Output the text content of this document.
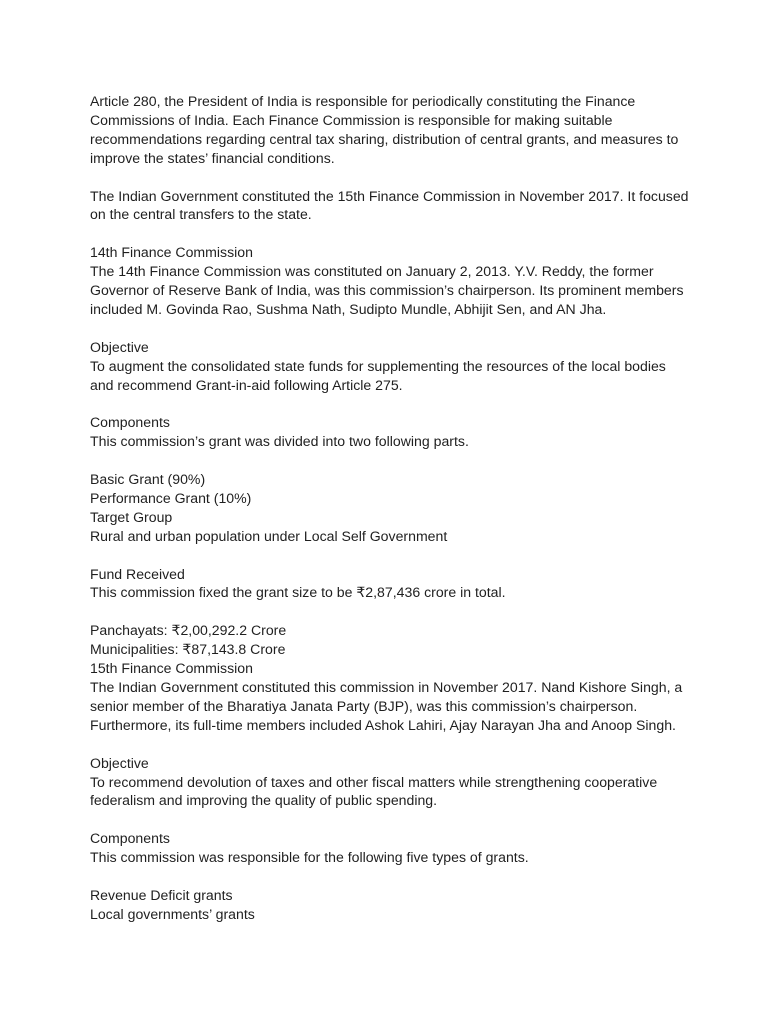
Article 280, the President of India is responsible for periodically constituting the Finance
Commissions of India. Each Finance Commission is responsible for making suitable
recommendations regarding central tax sharing, distribution of central grants, and measures to
improve the states’ financial conditions.
The Indian Government constituted the 15th Finance Commission in November 2017. It focused
on the central transfers to the state.
14th Finance Commission
The 14th Finance Commission was constituted on January 2, 2013. Y.V. Reddy, the former
Governor of Reserve Bank of India, was this commission’s chairperson. Its prominent members
included M. Govinda Rao, Sushma Nath, Sudipto Mundle, Abhijit Sen, and AN Jha.
Objective
To augment the consolidated state funds for supplementing the resources of the local bodies
and recommend Grant-in-aid following Article 275.
Components
This commission’s grant was divided into two following parts.
Basic Grant (90%)
Performance Grant (10%)
Target Group
Rural and urban population under Local Self Government
Fund Received
This commission fixed the grant size to be ₹2,87,436 crore in total.
Panchayats: ₹2,00,292.2 Crore
Municipalities: ₹87,143.8 Crore
15th Finance Commission
The Indian Government constituted this commission in November 2017. Nand Kishore Singh, a
senior member of the Bharatiya Janata Party (BJP), was this commission’s chairperson.
Furthermore, its full-time members included Ashok Lahiri, Ajay Narayan Jha and Anoop Singh.
Objective
To recommend devolution of taxes and other fiscal matters while strengthening cooperative
federalism and improving the quality of public spending.
Components
This commission was responsible for the following five types of grants.
Revenue Deficit grants
Local governments’ grants
